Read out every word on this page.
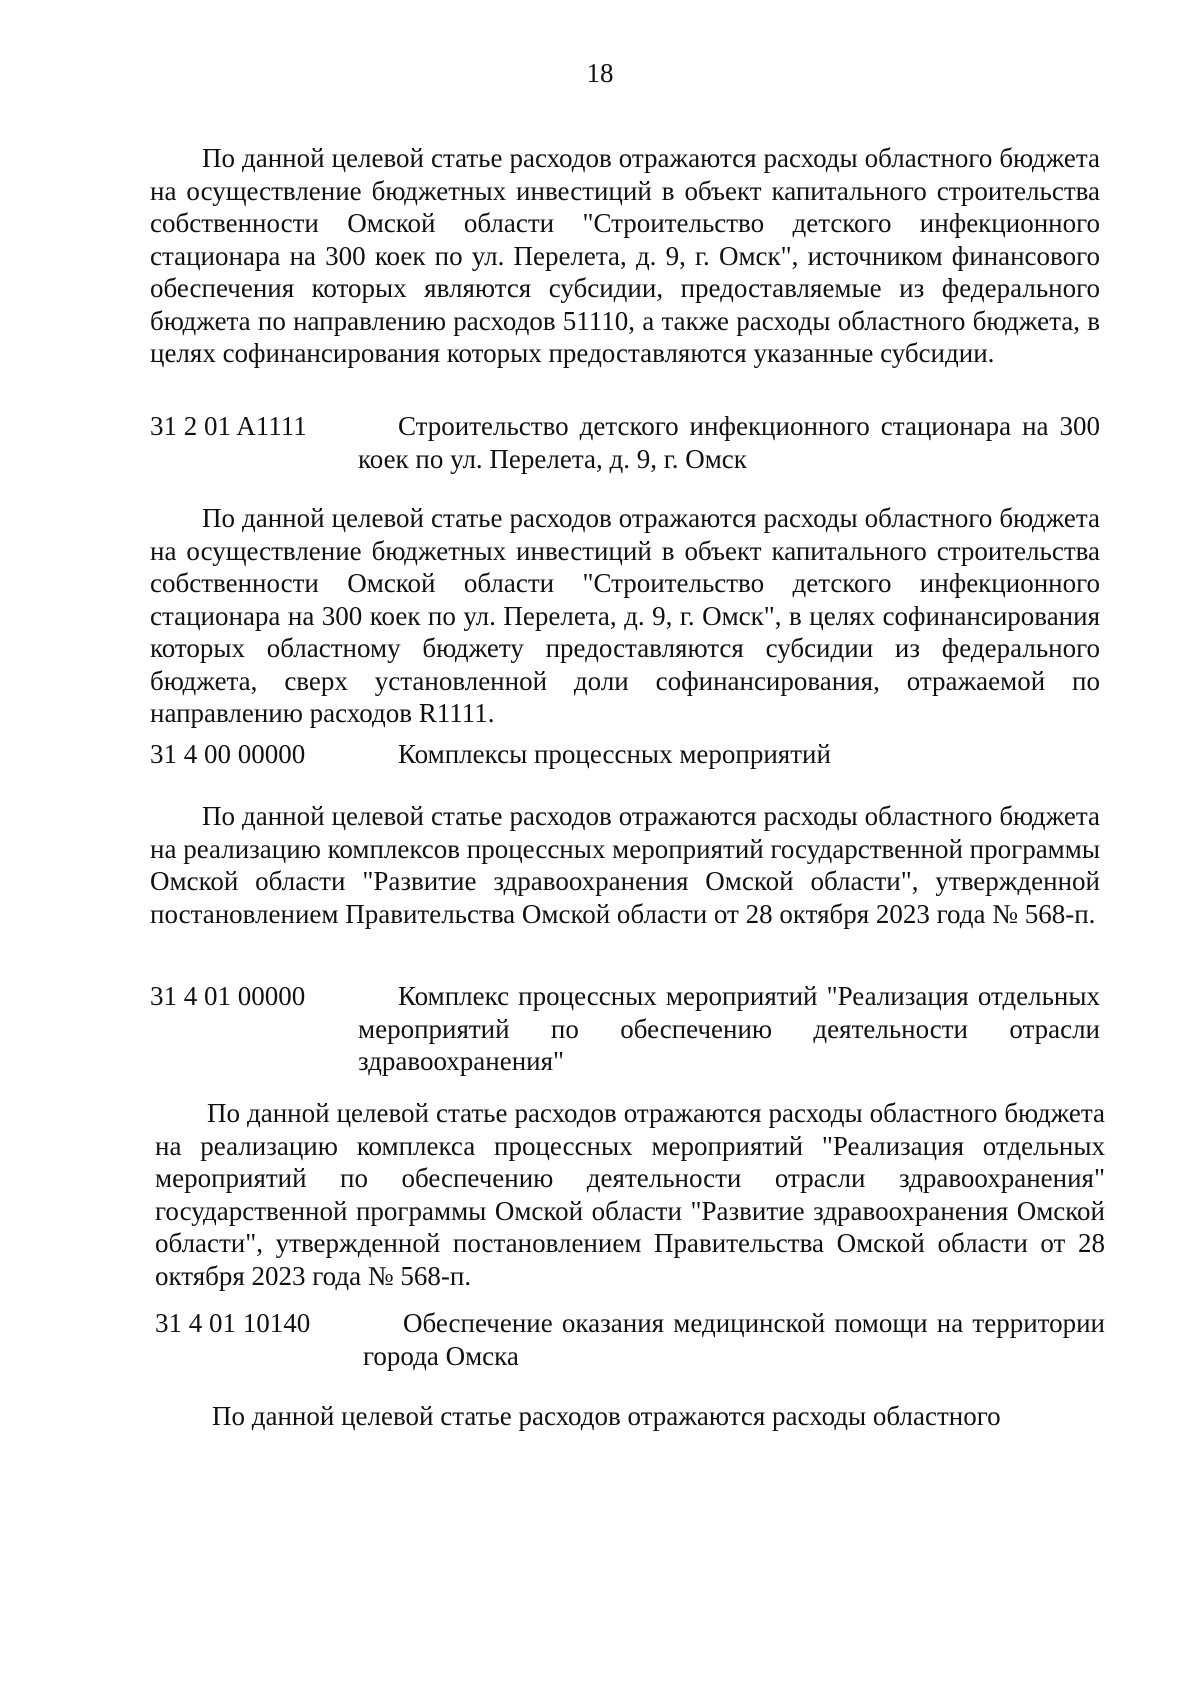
18

По данной целевой статье расходов отражаются расходы областного бюджета на осуществление бюджетных инвестиций в объект капитального строительства собственности Омской области "Строительство детского инфекционного стационара на 300 коек по ул. Перелета, д. 9, г. Омск", источником финансового обеспечения которых являются субсидии, предоставляемые из федерального бюджета по направлению расходов 51110, а также расходы областного бюджета, в целях софинансирования которых предоставляются указанные субсидии.

31 2 01 A1111	Строительство детского инфекционного стационара на 300 коек по ул. Перелета, д. 9, г. Омск

По данной целевой статье расходов отражаются расходы областного бюджета на осуществление бюджетных инвестиций в объект капитального строительства собственности Омской области "Строительство детского инфекционного стационара на 300 коек по ул. Перелета, д. 9, г. Омск", в целях софинансирования которых областному бюджету предоставляются субсидии из федерального бюджета, сверх установленной доли софинансирования, отражаемой по направлению расходов R1111.

31 4 00 00000	Комплексы процессных мероприятий

По данной целевой статье расходов отражаются расходы областного бюджета на реализацию комплексов процессных мероприятий государственной программы Омской области "Развитие здравоохранения Омской области", утвержденной постановлением Правительства Омской области от 28 октября 2023 года № 568-п.

31 4 01 00000	Комплекс процессных мероприятий "Реализация отдельных мероприятий по обеспечению деятельности отрасли здравоохранения"

По данной целевой статье расходов отражаются расходы областного бюджета на реализацию комплекса процессных мероприятий "Реализация отдельных мероприятий по обеспечению деятельности отрасли здравоохранения" государственной программы Омской области "Развитие здравоохранения Омской области", утвержденной постановлением Правительства Омской области от 28 октября 2023 года № 568-п.

31 4 01 10140	Обеспечение оказания медицинской помощи на территории города Омска

По данной целевой статье расходов отражаются расходы областного
